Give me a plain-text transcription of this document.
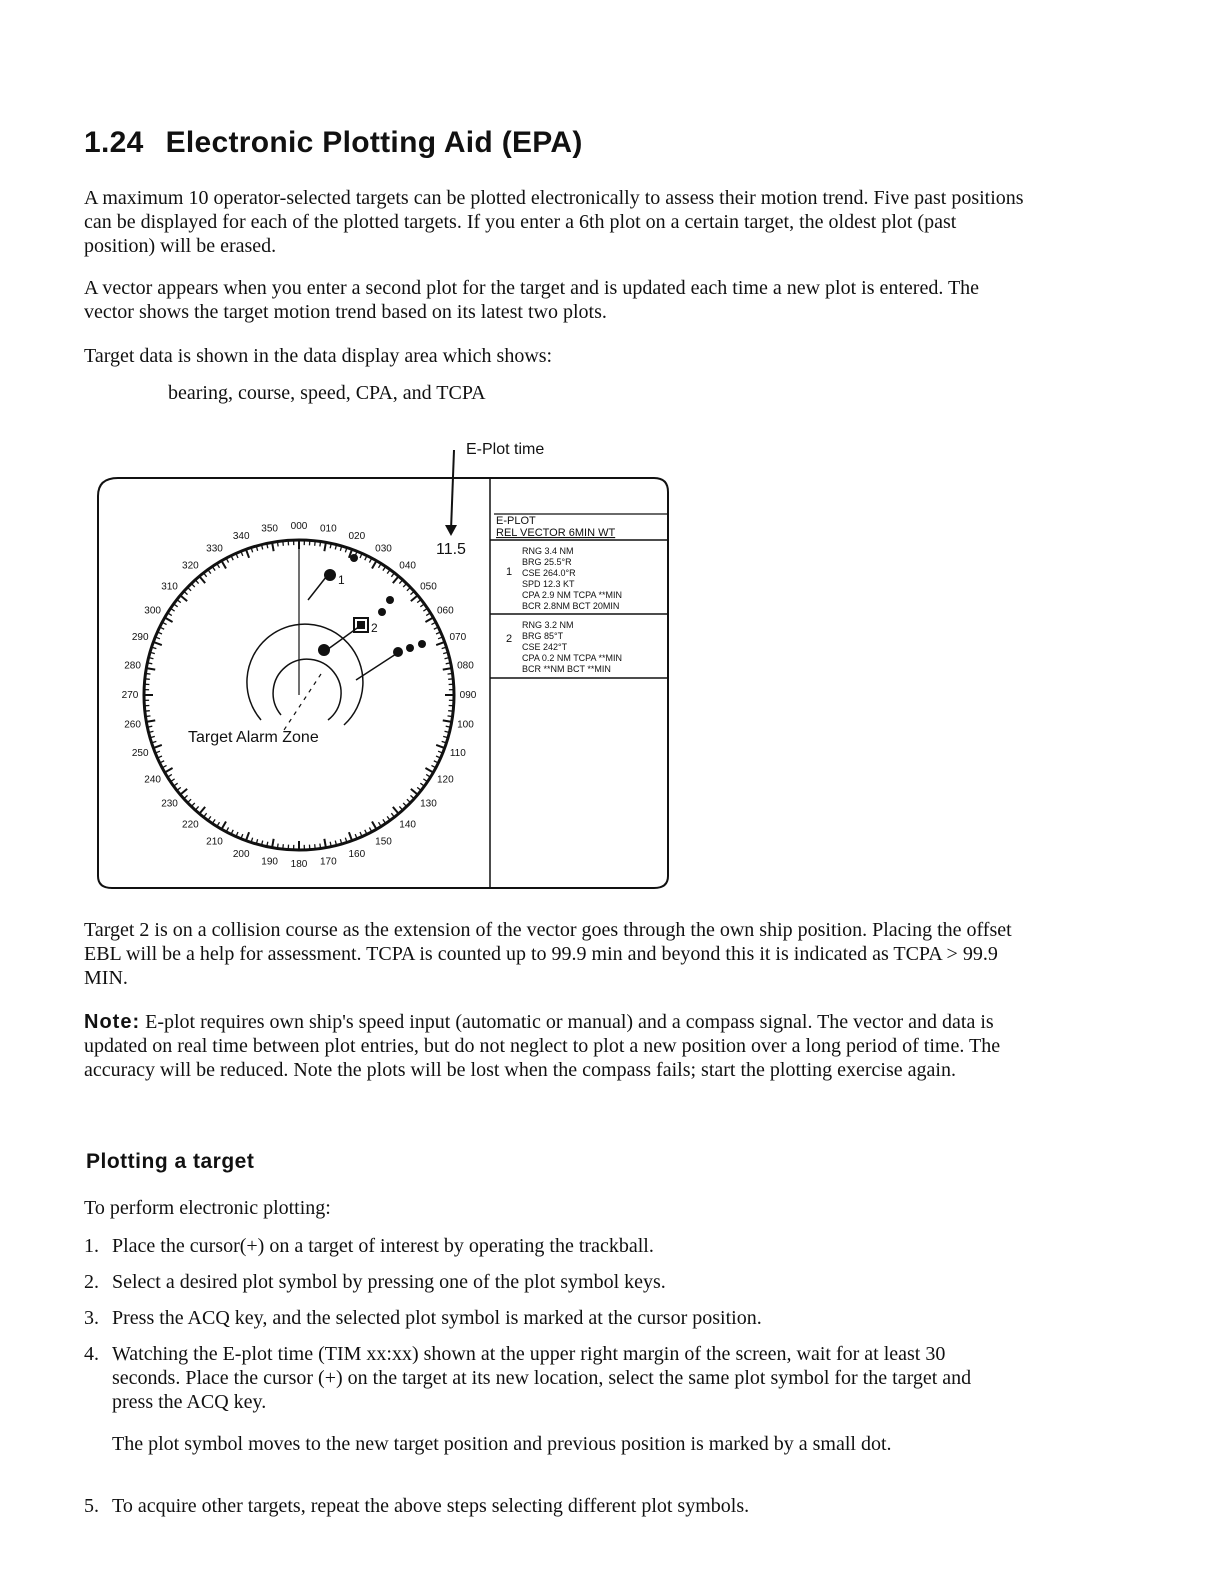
1.24 Electronic Plotting Aid (EPA)
A maximum 10 operator-selected targets can be plotted electronically to assess their motion trend. Five past positions can be displayed for each of the plotted targets. If you enter a 6th plot on a certain target, the oldest plot (past position) will be erased.
A vector appears when you enter a second plot for the target and is updated each time a new plot is entered. The vector shows the target motion trend based on its latest two plots.
Target data is shown in the data display area which shows:
bearing, course, speed, CPA, and TCPA
E-Plot time
000 010
020
030
040
050
060
070
080
090
100
110
120
130
140
150
160
170
180
190
200
210
220
230
240
250
260
270
280
290
300
310
320
330
340
350
Target Alarm Zone
1
2
11.5
E-PLOT
REL VECTOR 6MIN WT
1
RNG 3.4 NM
BRG 25.5°R
CSE 264.0°R
SPD 12.3 KT
CPA 2.9 NM TCPA **MIN
BCR 2.8NM BCT 20MIN
2
RNG 3.2 NM
BRG 85°T
CSE 242°T
CPA 0.2 NM TCPA **MIN
BCR **NM BCT **MIN
Target 2 is on a collision course as the extension of the vector goes through the own ship position. Placing the offset EBL will be a help for assessment. TCPA is counted up to 99.9 min and beyond this it is indicated as TCPA > 99.9 MIN.
Note: E-plot requires own ship's speed input (automatic or manual) and a compass signal. The vector and data is updated on real time between plot entries, but do not neglect to plot a new position over a long period of time. The accuracy will be reduced. Note the plots will be lost when the compass fails; start the plotting exercise again.
Plotting a target
To perform electronic plotting:
1. Place the cursor(+) on a target of interest by operating the trackball.
2. Select a desired plot symbol by pressing one of the plot symbol keys.
3. Press the ACQ key, and the selected plot symbol is marked at the cursor position.
4. Watching the E-plot time (TIM xx:xx) shown at the upper right margin of the screen, wait for at least 30 seconds. Place the cursor (+) on the target at its new location, select the same plot symbol for the target and press the ACQ key.
The plot symbol moves to the new target position and previous position is marked by a small dot.
5. To acquire other targets, repeat the above steps selecting different plot symbols.
